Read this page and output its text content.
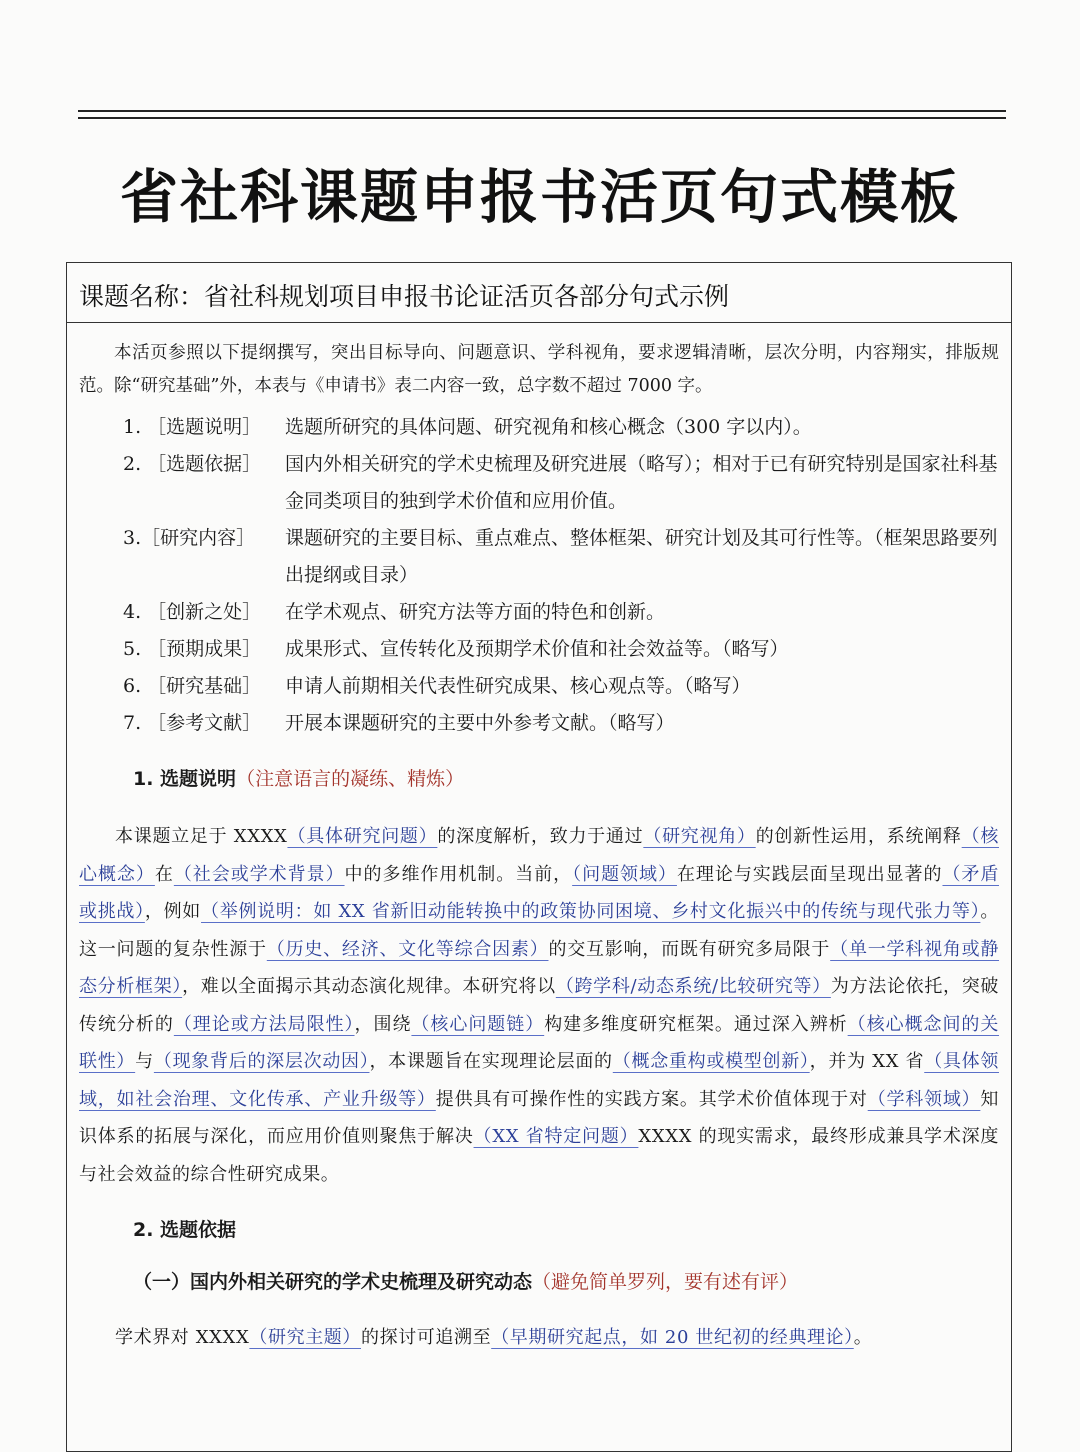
省社科课题申报书活页句式模板
课题名称：省社科规划项目申报书论证活页各部分句式示例

本活页参照以下提纲撰写，突出目标导向、问题意识、学科视角，要求逻辑清晰，层次分明，内容翔实，排版规范。除“研究基础”外，本表与《申请书》表二内容一致，总字数不超过 7000 字。

1. ［选题说明］	选题所研究的具体问题、研究视角和核心概念（300 字以内）。
2. ［选题依据］	国内外相关研究的学术史梳理及研究进展（略写）；相对于已有研究特别是国家社科基金同类项目的独到学术价值和应用价值。
3.［研究内容］	课题研究的主要目标、重点难点、整体框架、研究计划及其可行性等。（框架思路要列出提纲或目录）
4. ［创新之处］	在学术观点、研究方法等方面的特色和创新。
5. ［预期成果］	成果形式、宣传转化及预期学术价值和社会效益等。（略写）
6. ［研究基础］	申请人前期相关代表性研究成果、核心观点等。（略写）
7. ［参考文献］	开展本课题研究的主要中外参考文献。（略写）
1. 选题说明（注意语言的凝练、精炼）
本课题立足于 XXXX（具体研究问题）的深度解析，致力于通过（研究视角）的创新性运用，系统阐释（核心概念）在（社会或学术背景）中的多维作用机制。当前，（问题领域）在理论与实践层面呈现出显著的（矛盾或挑战），例如（举例说明：如 XX 省新旧动能转换中的政策协同困境、乡村文化振兴中的传统与现代张力等）。这一问题的复杂性源于（历史、经济、文化等综合因素）的交互影响，而既有研究多局限于（单一学科视角或静态分析框架），难以全面揭示其动态演化规律。本研究将以（跨学科/动态系统/比较研究等）为方法论依托，突破传统分析的（理论或方法局限性），围绕（核心问题链）构建多维度研究框架。通过深入辨析（核心概念间的关联性）与（现象背后的深层次动因），本课题旨在实现理论层面的（概念重构或模型创新），并为 XX 省（具体领域，如社会治理、文化传承、产业升级等）提供具有可操作性的实践方案。其学术价值体现于对（学科领域）知识体系的拓展与深化，而应用价值则聚焦于解决（XX 省特定问题）XXXX 的现实需求，最终形成兼具学术深度与社会效益的综合性研究成果。
2. 选题依据
（一）国内外相关研究的学术史梳理及研究动态（避免简单罗列，要有述有评）
学术界对 XXXX（研究主题）的探讨可追溯至（早期研究起点，如 20 世纪初的经典理论）。
